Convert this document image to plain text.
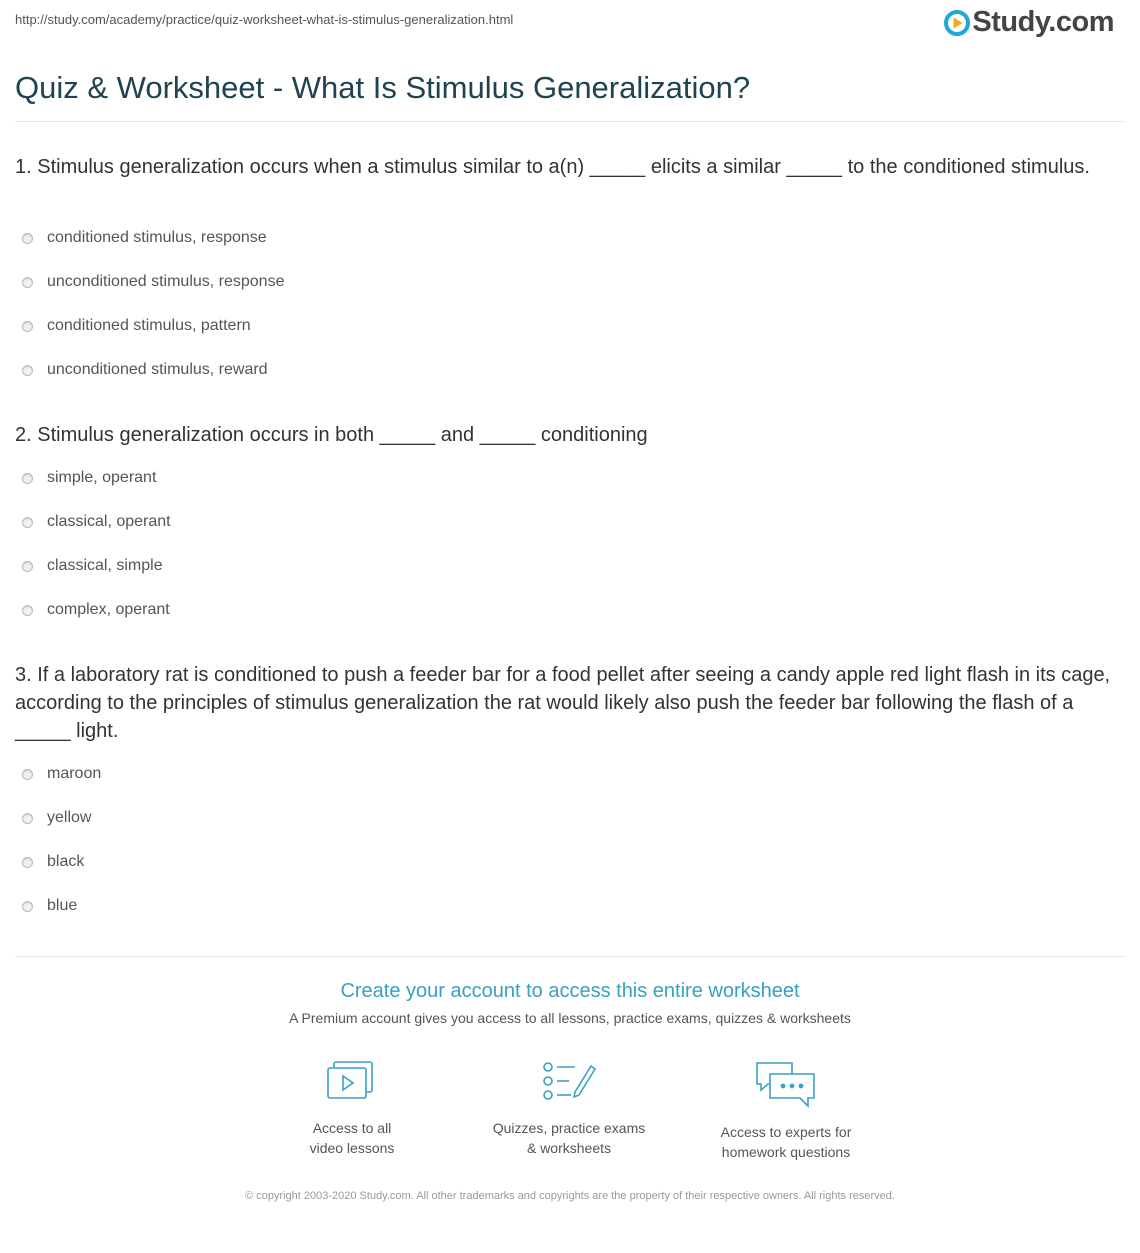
http://study.com/academy/practice/quiz-worksheet-what-is-stimulus-generalization.html	Study.com
Quiz & Worksheet - What Is Stimulus Generalization?

1. Stimulus generalization occurs when a stimulus similar to a(n) _____ elicits a similar _____ to the conditioned stimulus.

conditioned stimulus, response
unconditioned stimulus, response
conditioned stimulus, pattern
unconditioned stimulus, reward

2. Stimulus generalization occurs in both _____ and _____ conditioning

simple, operant
classical, operant
classical, simple
complex, operant

3. If a laboratory rat is conditioned to push a feeder bar for a food pellet after seeing a candy apple red light flash in its cage, according to the principles of stimulus generalization the rat would likely also push the feeder bar following the flash of a _____ light.

maroon
yellow
black
blue
Create your account to access this entire worksheet
A Premium account gives you access to all lessons, practice exams, quizzes & worksheets
Access to all
video lessons
Quizzes, practice exams
& worksheets
Access to experts for
homework questions
© copyright 2003-2020 Study.com. All other trademarks and copyrights are the property of their respective owners. All rights reserved.
